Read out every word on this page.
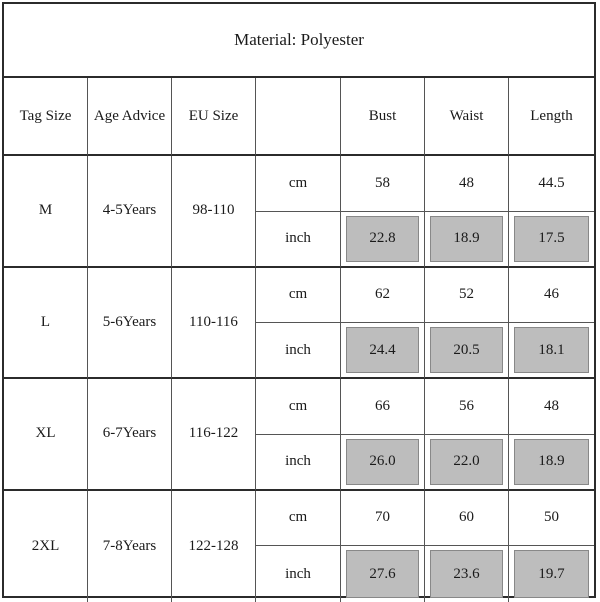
Material: Polyester
Tag Size	Age Advice	EU Size	Bust	Waist	Length
M	4-5Years	98-110
cm	58	48	44.5
inch	22.8	18.9	17.5
L	5-6Years	110-116
cm	62	52	46
inch	24.4	20.5	18.1
XL	6-7Years	116-122
cm	66	56	48
inch	26.0	22.0	18.9
2XL	7-8Years	122-128
cm	70	60	50
inch	27.6	23.6	19.7
